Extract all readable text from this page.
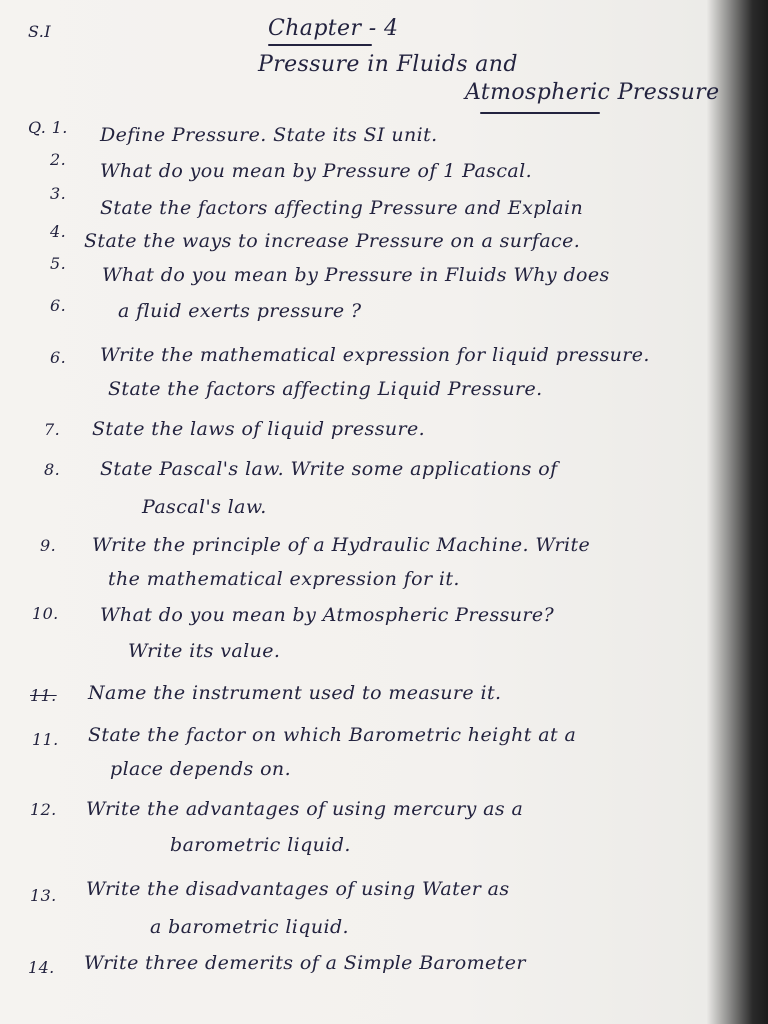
S.I	Chapter - 4
Pressure in Fluids and
Atmospheric Pressure
Q. 1. Define Pressure. State its SI unit.
2.
What do you mean by Pressure of 1 Pascal.
3.
State the factors affecting Pressure and Explain
4. State the ways to increase Pressure on a surface.
5.
What do you mean by Pressure in Fluids Why does
6.	a fluid exerts pressure ?
6. Write the mathematical expression for liquid pressure.
State the factors affecting Liquid Pressure.
7. State the laws of liquid pressure.
8. State Pascal's law. Write some applications of
Pascal's law.
9. Write the principle of a Hydraulic Machine. Write
the mathematical expression for it.
10. What do you mean by Atmospheric Pressure?
Write its value.
11. Name the instrument used to measure it.
11. State the factor on which Barometric height at a
place depends on.
12. Write the advantages of using mercury as a
barometric liquid.
13. Write the disadvantages of using Water as
a barometric liquid.
14. Write three demerits of a Simple Barometer
